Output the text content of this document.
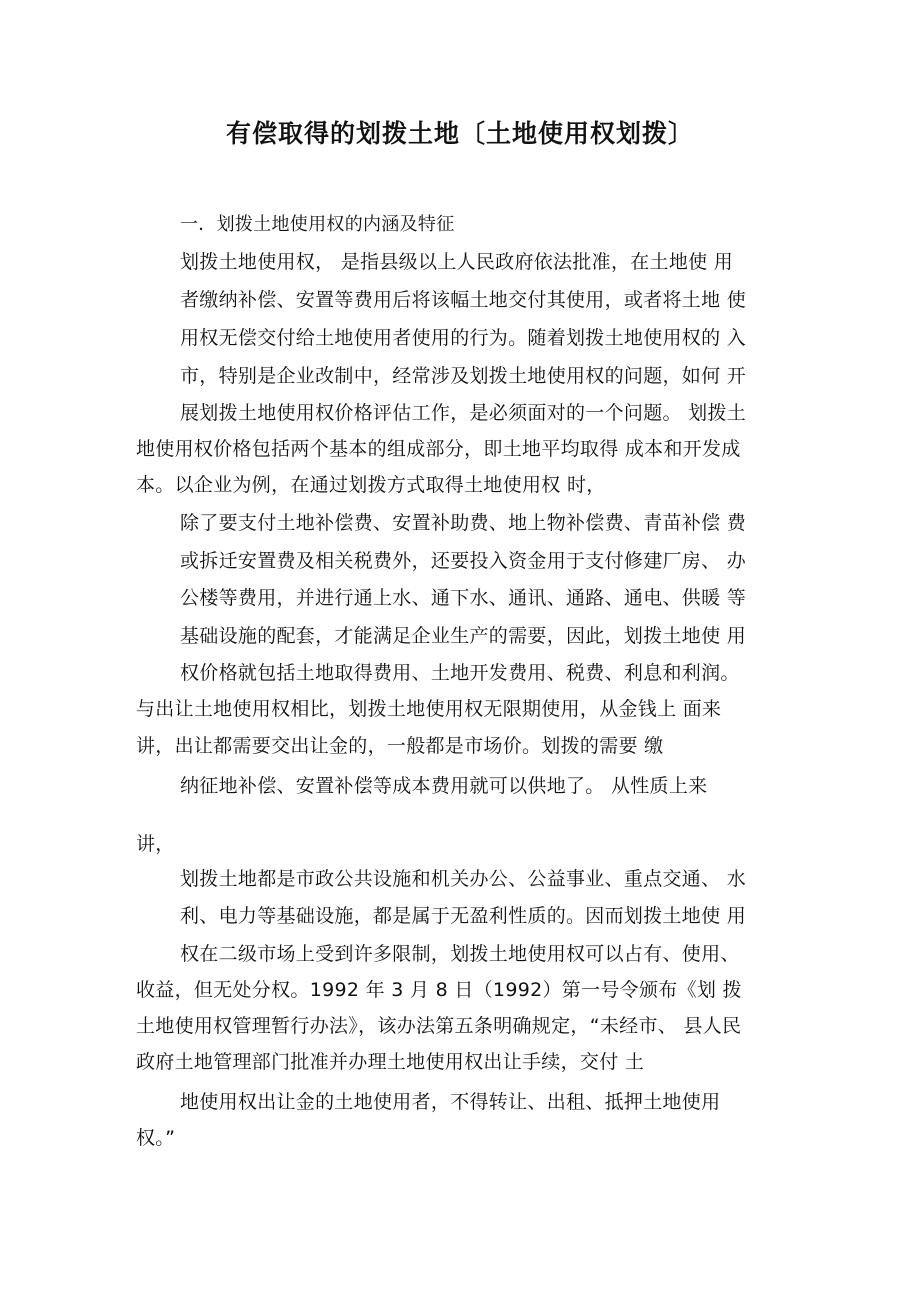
有偿取得的划拨土地〔土地使用权划拨〕
一．划拨土地使用权的内涵及特征
划拨土地使用权， 是指县级以上人民政府依法批准，在土地使 用
者缴纳补偿、安置等费用后将该幅土地交付其使用，或者将土地 使
用权无偿交付给土地使用者使用的行为。随着划拨土地使用权的 入
市，特别是企业改制中，经常涉及划拨土地使用权的问题，如何 开
展划拨土地使用权价格评估工作，是必须面对的一个问题。 划拨土
地使用权价格包括两个基本的组成部分，即土地平均取得 成本和开发成
本。以企业为例，在通过划拨方式取得土地使用权 时，
除了要支付土地补偿费、安置补助费、地上物补偿费、青苗补偿 费
或拆迁安置费及相关税费外，还要投入资金用于支付修建厂房、 办
公楼等费用，并进行通上水、通下水、通讯、通路、通电、供暖 等
基础设施的配套，才能满足企业生产的需要，因此，划拨土地使 用
权价格就包括土地取得费用、土地开发费用、税费、利息和利润。
与出让土地使用权相比，划拨土地使用权无限期使用，从金钱上 面来
讲，出让都需要交出让金的，一般都是市场价。划拨的需要 缴
纳征地补偿、安置补偿等成本费用就可以供地了。 从性质上来
讲，
划拨土地都是市政公共设施和机关办公、公益事业、重点交通、 水
利、电力等基础设施，都是属于无盈利性质的。因而划拨土地使 用
权在二级市场上受到许多限制，划拨土地使用权可以占有、使用、
收益，但无处分权。1992 年 3 月 8 日（1992）第一号令颁布《划 拨
土地使用权管理暂行办法》，该办法第五条明确规定，“未经市、 县人民
政府土地管理部门批准并办理土地使用权出让手续，交付 土
地使用权出让金的土地使用者，不得转让、出租、抵押土地使用
权。”
